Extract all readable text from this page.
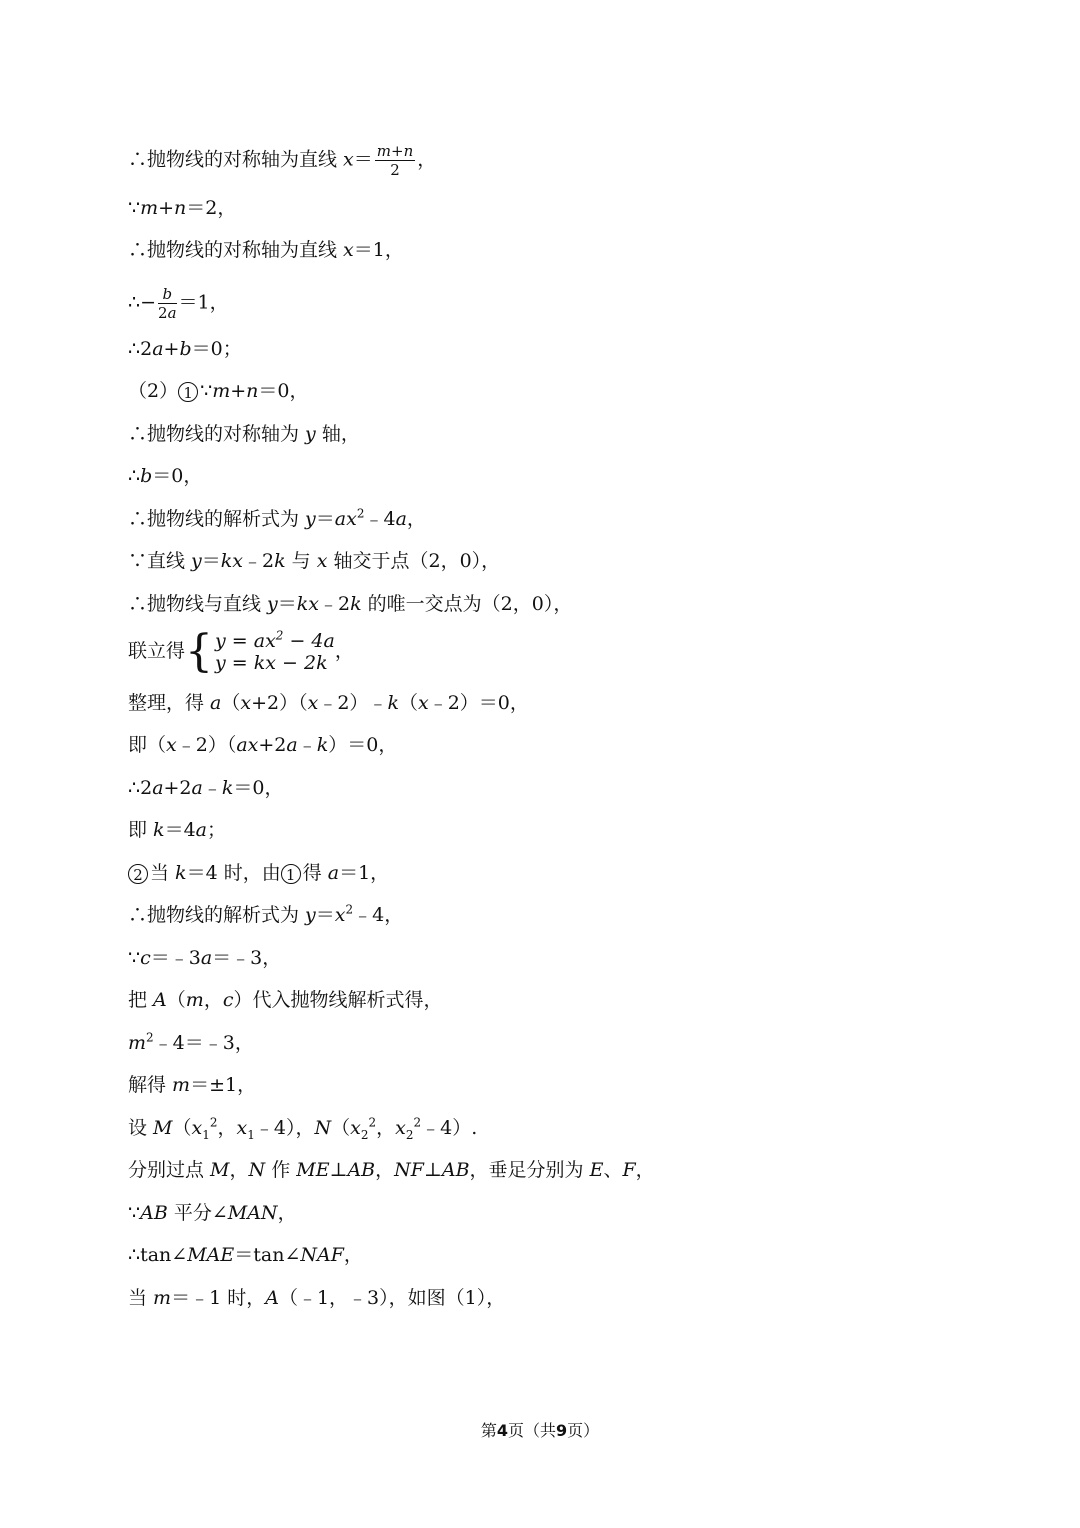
∴抛物线的对称轴为直线 $x= \frac{m+n}{2}$ ，
∵m+n＝2，
∴抛物线的对称轴为直线 x＝1，
∴− $\frac{b}{2a} =1$，
∴2a+b＝0；
（2） 1 ∵m+n＝0，
∴抛物线的对称轴为 y 轴，
∴b＝0，
∴抛物线的解析式为 $y=ax^2﹣4a$，
∵直线 y＝kx﹣2k 与 x 轴交于点（2，0），
∴抛物线与直线 y＝kx﹣2k 的唯一交点为（2，0），
联立得 { $y = ax^2 - 4a$
y = kx − 2k
，
整理，得 a（x+2）（x﹣2）﹣k（x﹣2）＝0，
即（x﹣2）（ax+2a﹣k）＝0，
∴2a+2a﹣k＝0，
即 k＝4a；
2 当 k＝4 时，由 1 得 a＝1，
∴抛物线的解析式为 $y=x^2﹣4$，
∵c＝﹣3a＝﹣3，
把 A（m，c）代入抛物线解析式得，
$m^2﹣4=﹣3$，
解得 m＝±1，
设 $M(x_1^2$，$x_1﹣4$），$N(x_2^2$，$x_2^2﹣4$）.
分别过点 M，N 作 ME⊥AB，NF⊥AB，垂足分别为 E、F，
∵AB 平分∠MAN，
∴tan∠MAE＝tan∠NAF，
当 m＝﹣1 时，A（﹣1，﹣3），如图（1），
第4页（共9页）
